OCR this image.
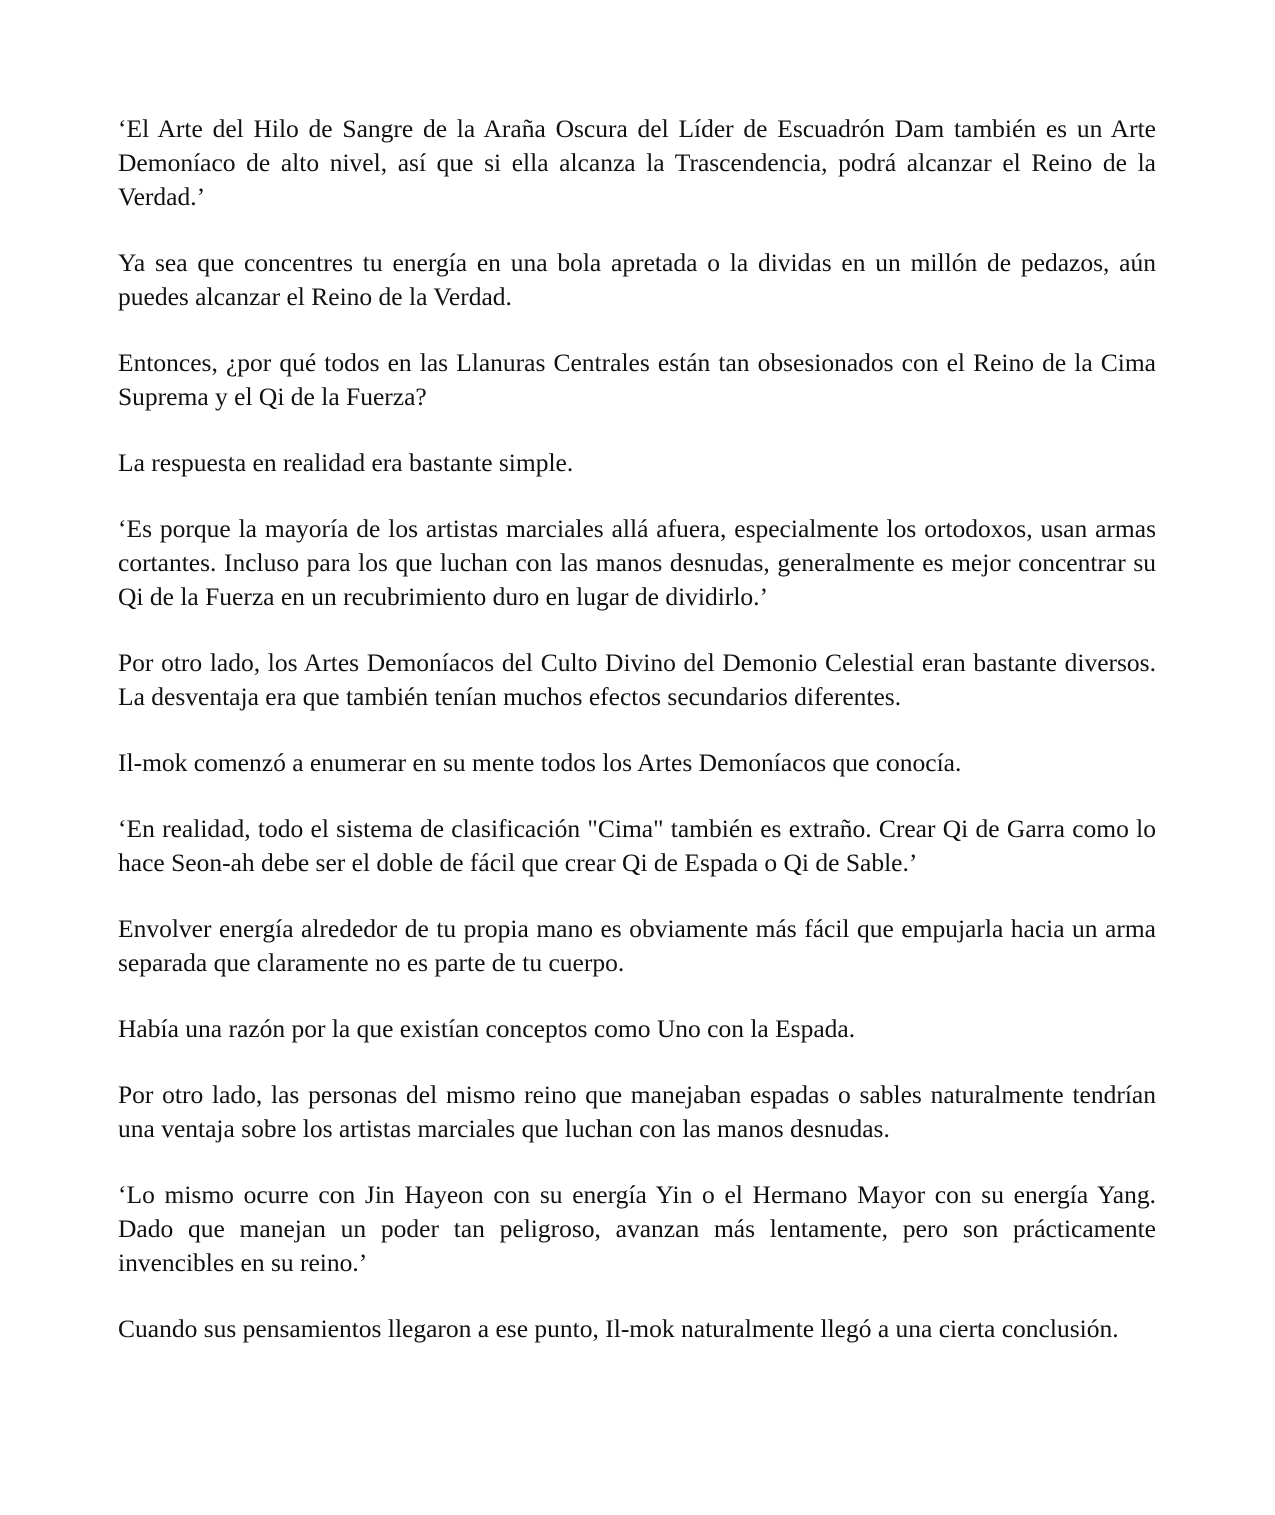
‘El Arte del Hilo de Sangre de la Araña Oscura del Líder de Escuadrón Dam también es un Arte Demoníaco de alto nivel, así que si ella alcanza la Trascendencia, podrá alcanzar el Reino de la Verdad.’

Ya sea que concentres tu energía en una bola apretada o la dividas en un millón de pedazos, aún puedes alcanzar el Reino de la Verdad.

Entonces, ¿por qué todos en las Llanuras Centrales están tan obsesionados con el Reino de la Cima Suprema y el Qi de la Fuerza?

La respuesta en realidad era bastante simple.

‘Es porque la mayoría de los artistas marciales allá afuera, especialmente los ortodoxos, usan armas cortantes. Incluso para los que luchan con las manos desnudas, generalmente es mejor concentrar su Qi de la Fuerza en un recubrimiento duro en lugar de dividirlo.’

Por otro lado, los Artes Demoníacos del Culto Divino del Demonio Celestial eran bastante diversos. La desventaja era que también tenían muchos efectos secundarios diferentes.

Il-mok comenzó a enumerar en su mente todos los Artes Demoníacos que conocía.

‘En realidad, todo el sistema de clasificación "Cima" también es extraño. Crear Qi de Garra como lo hace Seon-ah debe ser el doble de fácil que crear Qi de Espada o Qi de Sable.’

Envolver energía alrededor de tu propia mano es obviamente más fácil que empujarla hacia un arma separada que claramente no es parte de tu cuerpo.

Había una razón por la que existían conceptos como Uno con la Espada.

Por otro lado, las personas del mismo reino que manejaban espadas o sables naturalmente tendrían una ventaja sobre los artistas marciales que luchan con las manos desnudas.

‘Lo mismo ocurre con Jin Hayeon con su energía Yin o el Hermano Mayor con su energía Yang. Dado que manejan un poder tan peligroso, avanzan más lentamente, pero son prácticamente invencibles en su reino.’

Cuando sus pensamientos llegaron a ese punto, Il-mok naturalmente llegó a una cierta conclusión.
